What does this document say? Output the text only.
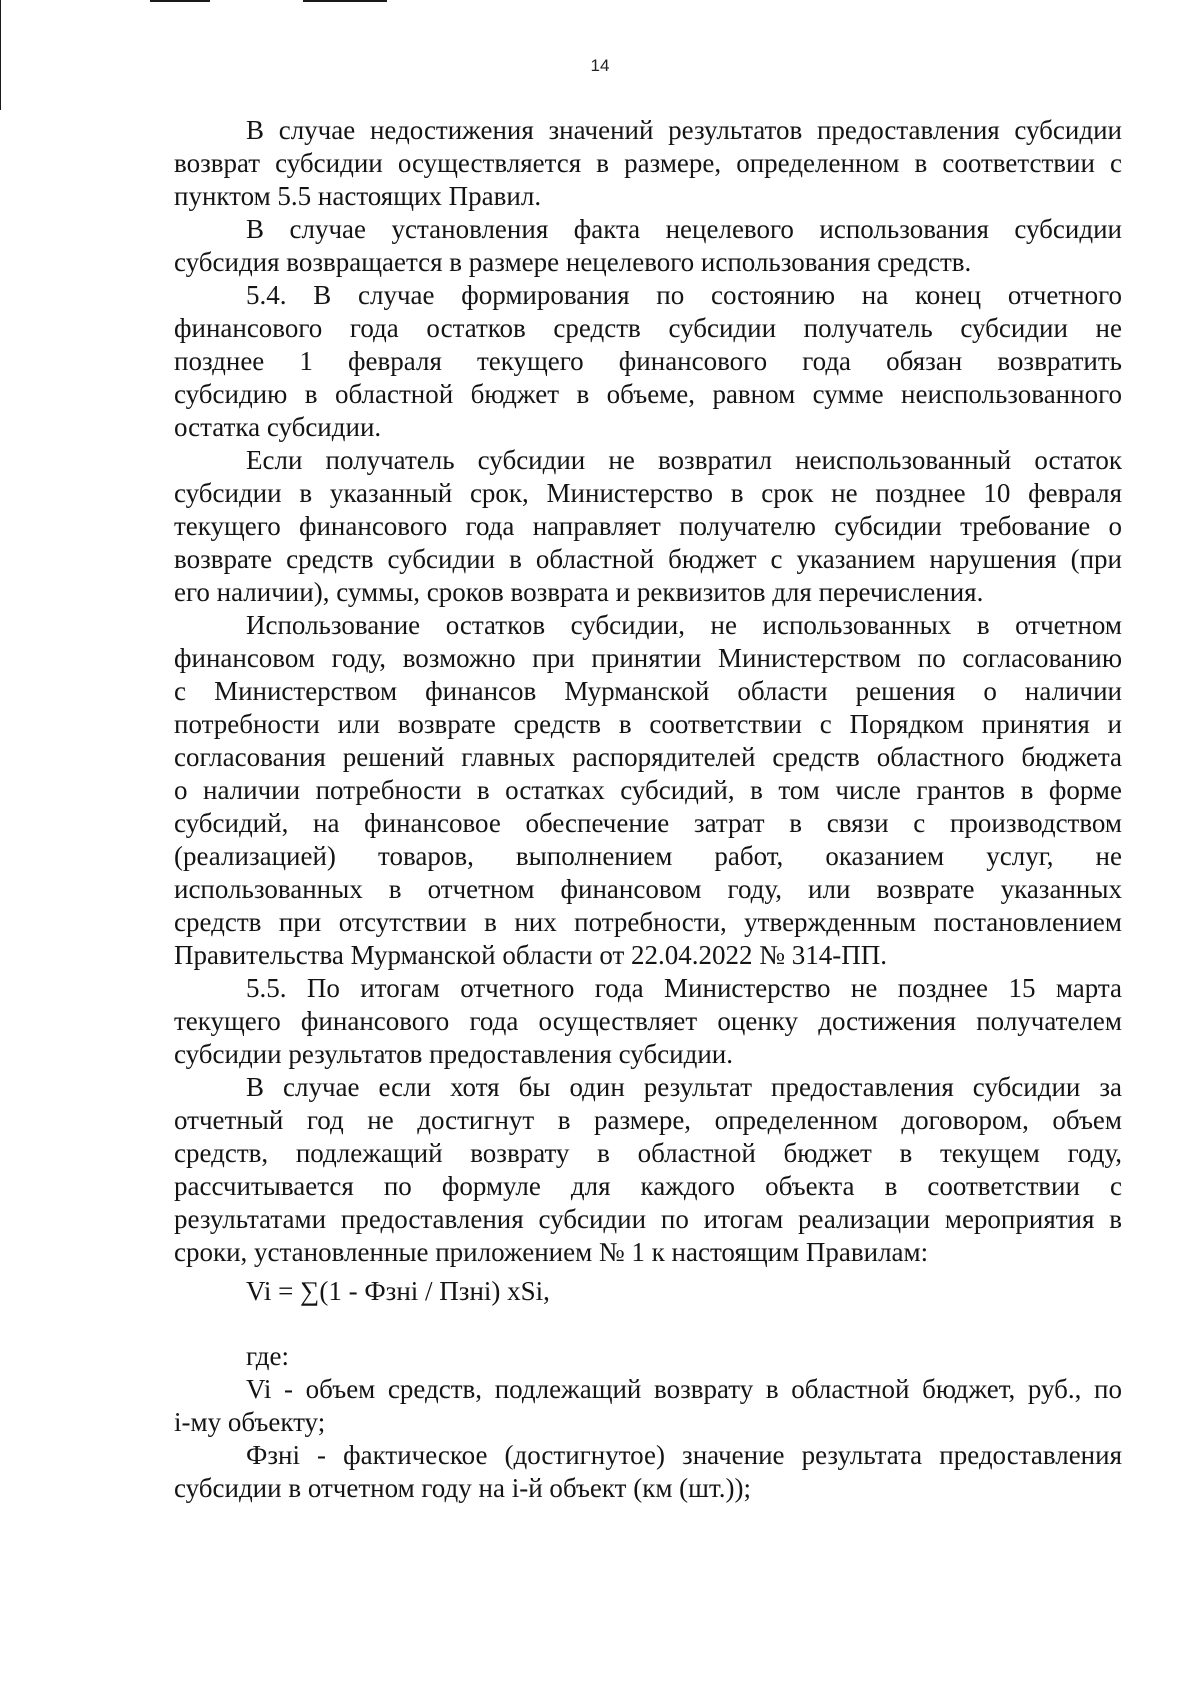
14
В случае недостижения значений результатов предоставления субсидии
возврат субсидии осуществляется в размере, определенном в соответствии с
пунктом 5.5 настоящих Правил.
В случае установления факта нецелевого использования субсидии
субсидия возвращается в размере нецелевого использования средств.
5.4. В случае формирования по состоянию на конец отчетного
финансового года остатков средств субсидии получатель субсидии не
позднее 1 февраля текущего финансового года обязан возвратить
субсидию в областной бюджет в объеме, равном сумме неиспользованного
остатка субсидии.
Если получатель субсидии не возвратил неиспользованный остаток
субсидии в указанный срок, Министерство в срок не позднее 10 февраля
текущего финансового года направляет получателю субсидии требование о
возврате средств субсидии в областной бюджет с указанием нарушения (при
его наличии), суммы, сроков возврата и реквизитов для перечисления.
Использование остатков субсидии, не использованных в отчетном
финансовом году, возможно при принятии Министерством по согласованию
с Министерством финансов Мурманской области решения о наличии
потребности или возврате средств в соответствии с Порядком принятия и
согласования решений главных распорядителей средств областного бюджета
о наличии потребности в остатках субсидий, в том числе грантов в форме
субсидий, на финансовое обеспечение затрат в связи с производством
(реализацией) товаров, выполнением работ, оказанием услуг, не
использованных в отчетном финансовом году, или возврате указанных
средств при отсутствии в них потребности, утвержденным постановлением
Правительства Мурманской области от 22.04.2022 № 314-ПП.
5.5. По итогам отчетного года Министерство не позднее 15 марта
текущего финансового года осуществляет оценку достижения получателем
субсидии результатов предоставления субсидии.
В случае если хотя бы один результат предоставления субсидии за
отчетный год не достигнут в размере, определенном договором, объем
средств, подлежащий возврату в областной бюджет в текущем году,
рассчитывается по формуле для каждого объекта в соответствии с
результатами предоставления субсидии по итогам реализации мероприятия в
сроки, установленные приложением № 1 к настоящим Правилам:
где:
Vi - объем средств, подлежащий возврату в областной бюджет, руб., по
i-му объекту;
Фзнi - фактическое (достигнутое) значение результата предоставления
субсидии в отчетном году на i-й объект (км (шт.));
Vi = ∑(1 - Фзнi / Пзнi) xSi,
